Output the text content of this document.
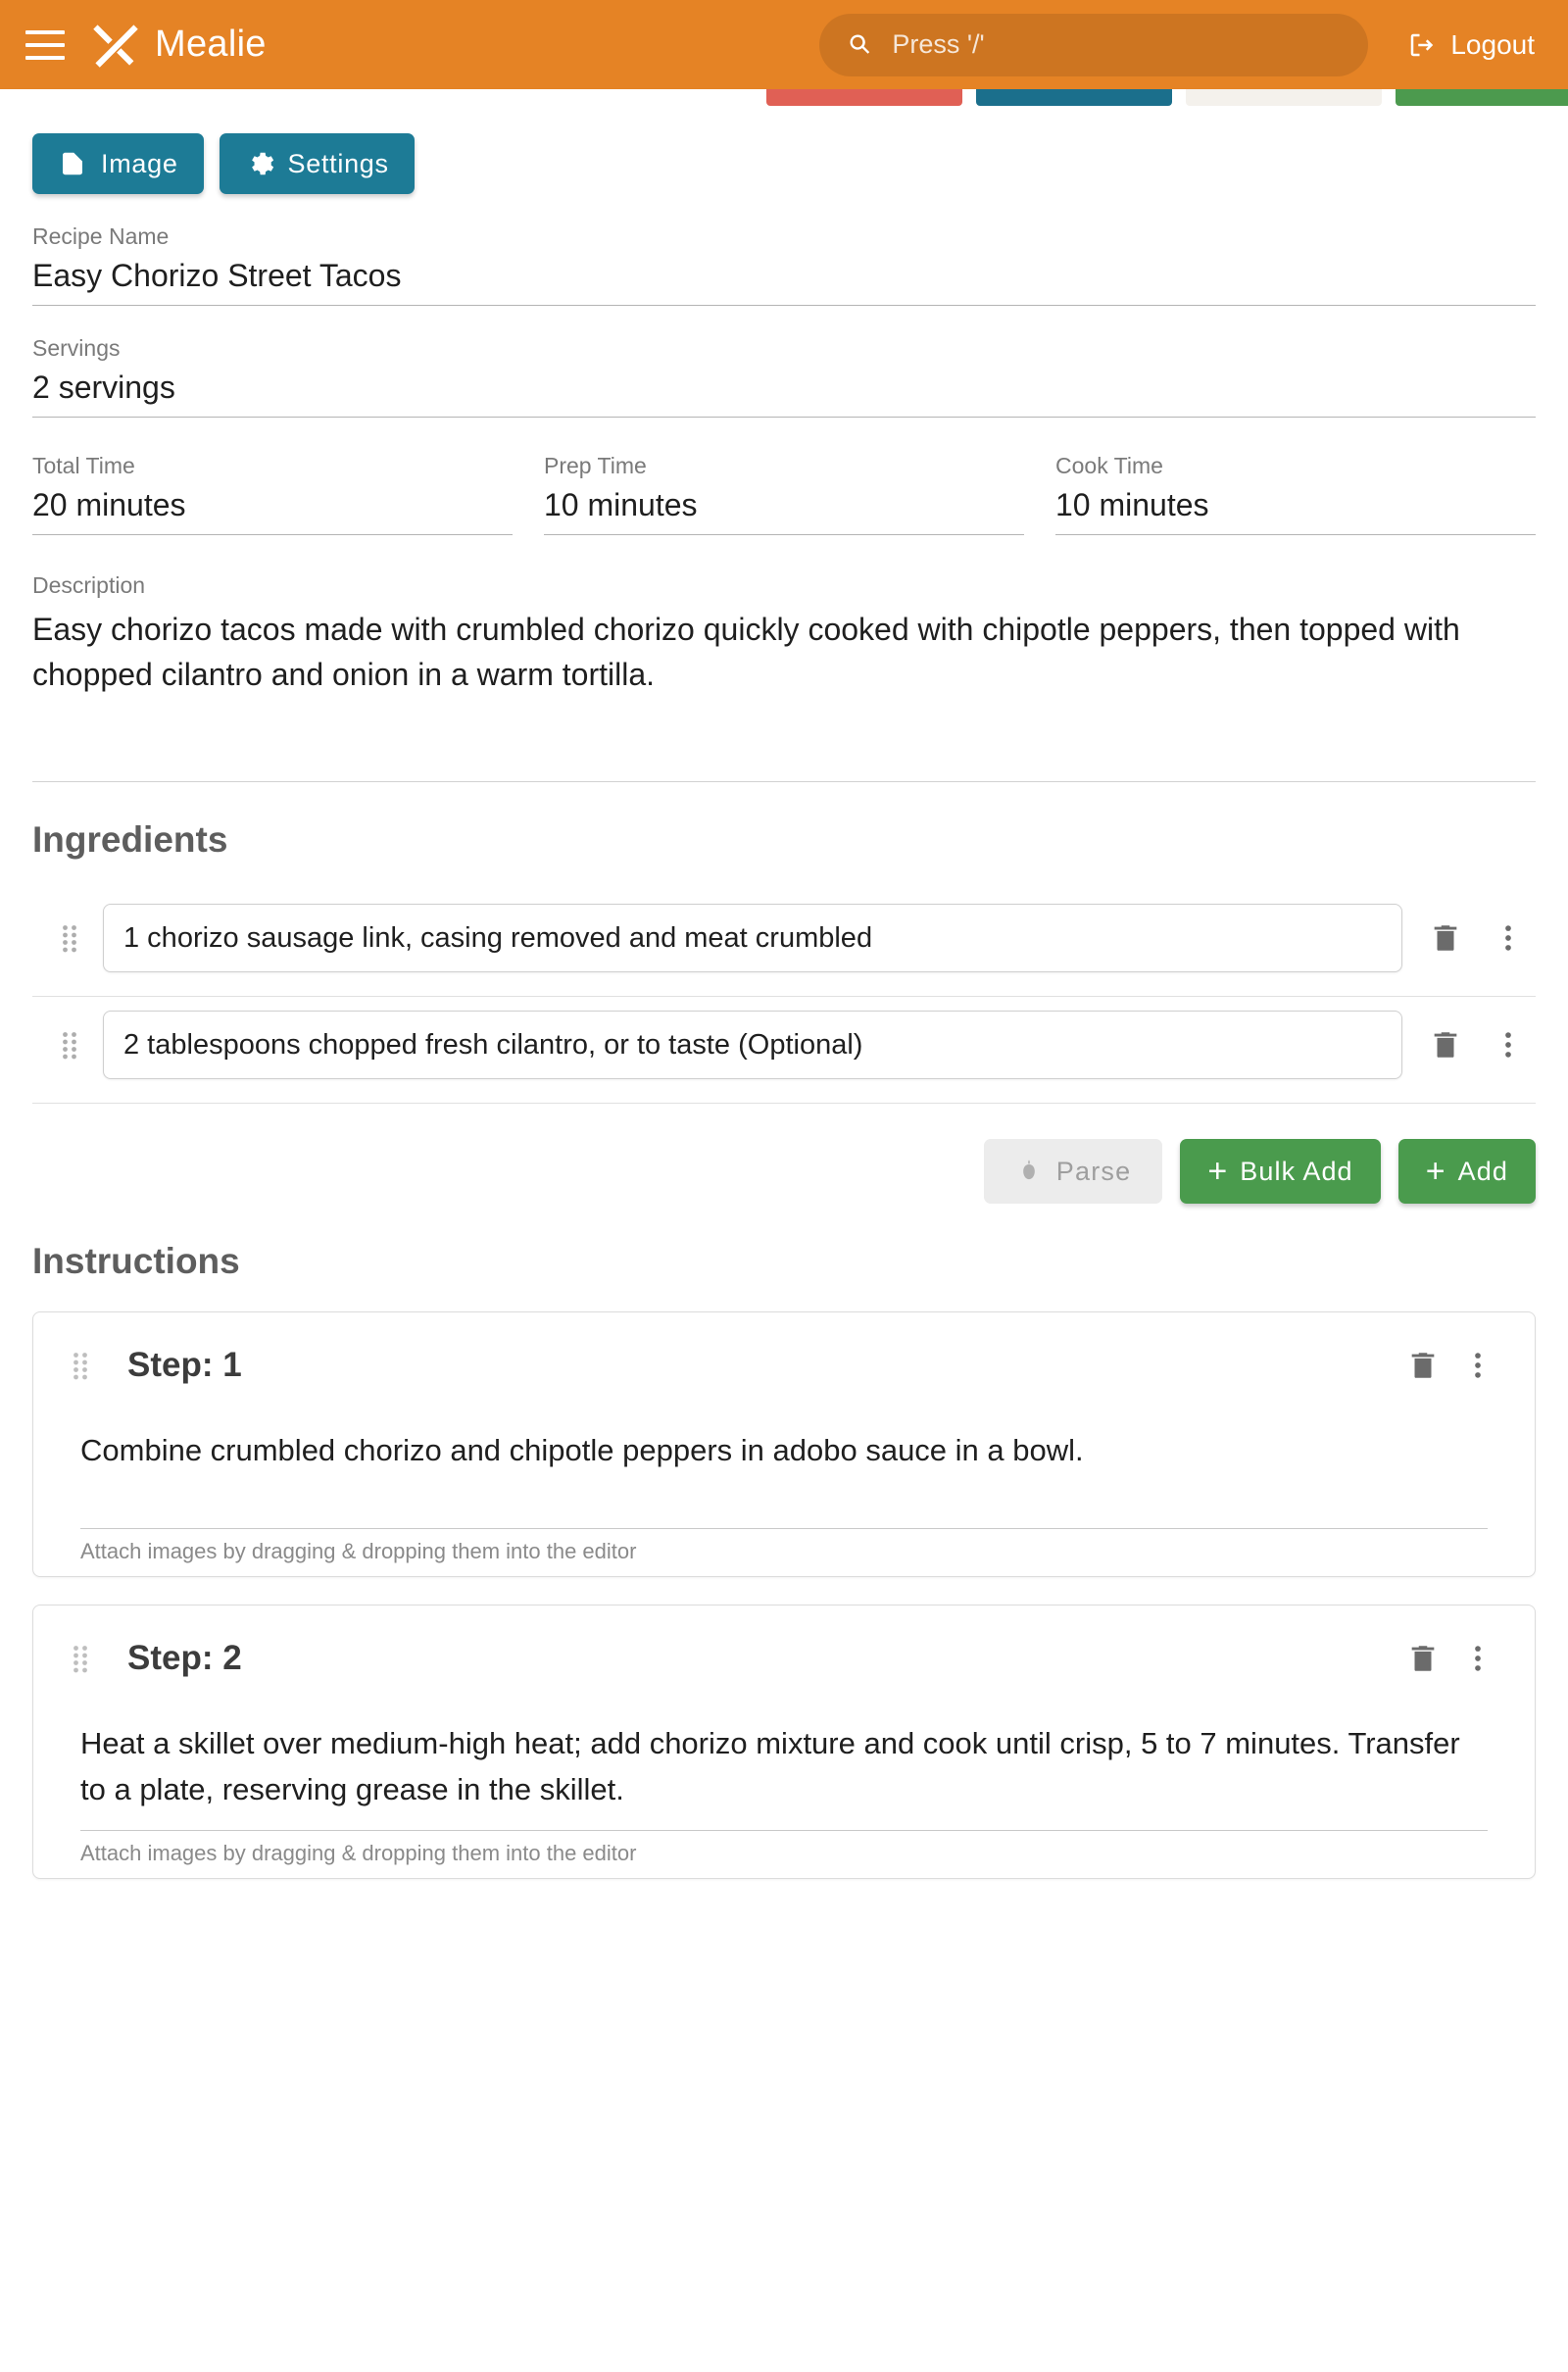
Mealie	Press '/'	Logout
Image	Settings
Recipe Name
Easy Chorizo Street Tacos
Servings
2 servings
Total Time
20 minutes
Prep Time
10 minutes
Cook Time
10 minutes
Description
Easy chorizo tacos made with crumbled chorizo quickly cooked with chipotle peppers, then topped with chopped cilantro and onion in a warm tortilla.
Ingredients
1 chorizo sausage link, casing removed and meat crumbled
2 tablespoons chopped fresh cilantro, or to taste (Optional)
Parse + Bulk Add + Add
Instructions
Step: 1
Combine crumbled chorizo and chipotle peppers in adobo sauce in a bowl.
Attach images by dragging & dropping them into the editor
Step: 2
Heat a skillet over medium-high heat; add chorizo mixture and cook until crisp, 5 to 7 minutes. Transfer to a plate, reserving grease in the skillet.
Attach images by dragging & dropping them into the editor
